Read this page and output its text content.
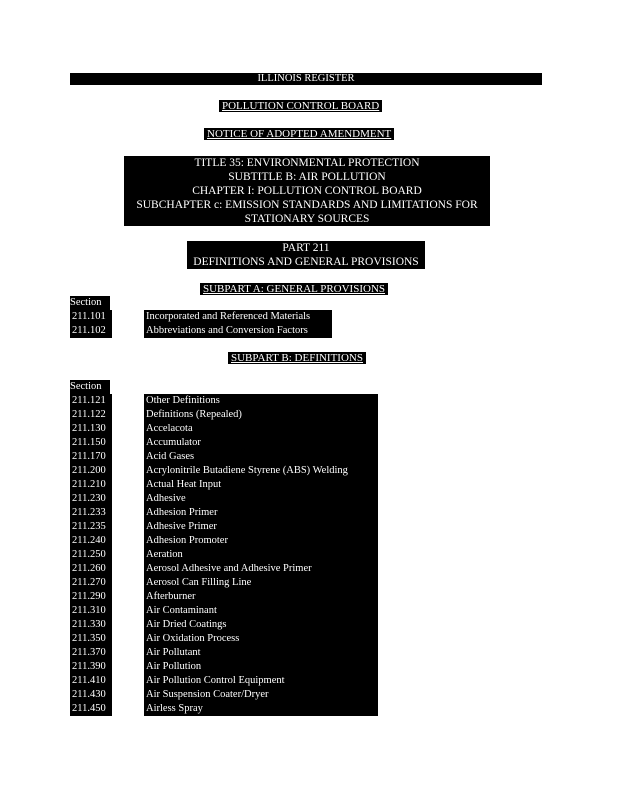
ILLINOIS REGISTER
POLLUTION CONTROL BOARD
NOTICE OF ADOPTED AMENDMENT
TITLE 35: ENVIRONMENTAL PROTECTION
SUBTITLE B: AIR POLLUTION
CHAPTER I: POLLUTION CONTROL BOARD
SUBCHAPTER c: EMISSION STANDARDS AND LIMITATIONS FOR
STATIONARY SOURCES
PART 211
DEFINITIONS AND GENERAL PROVISIONS
SUBPART A: GENERAL PROVISIONS
Section
211.101	Incorporated and Referenced Materials
211.102	Abbreviations and Conversion Factors
SUBPART B: DEFINITIONS
Section
211.121	Other Definitions
211.122	Definitions (Repealed)
211.130	Accelacota
211.150	Accumulator
211.170	Acid Gases
211.200	Acrylonitrile Butadiene Styrene (ABS) Welding
211.210	Actual Heat Input
211.230	Adhesive
211.233	Adhesion Primer
211.235	Adhesive Primer
211.240	Adhesion Promoter
211.250	Aeration
211.260	Aerosol Adhesive and Adhesive Primer
211.270	Aerosol Can Filling Line
211.290	Afterburner
211.310	Air Contaminant
211.330	Air Dried Coatings
211.350	Air Oxidation Process
211.370	Air Pollutant
211.390	Air Pollution
211.410	Air Pollution Control Equipment
211.430	Air Suspension Coater/Dryer
211.450	Airless Spray
